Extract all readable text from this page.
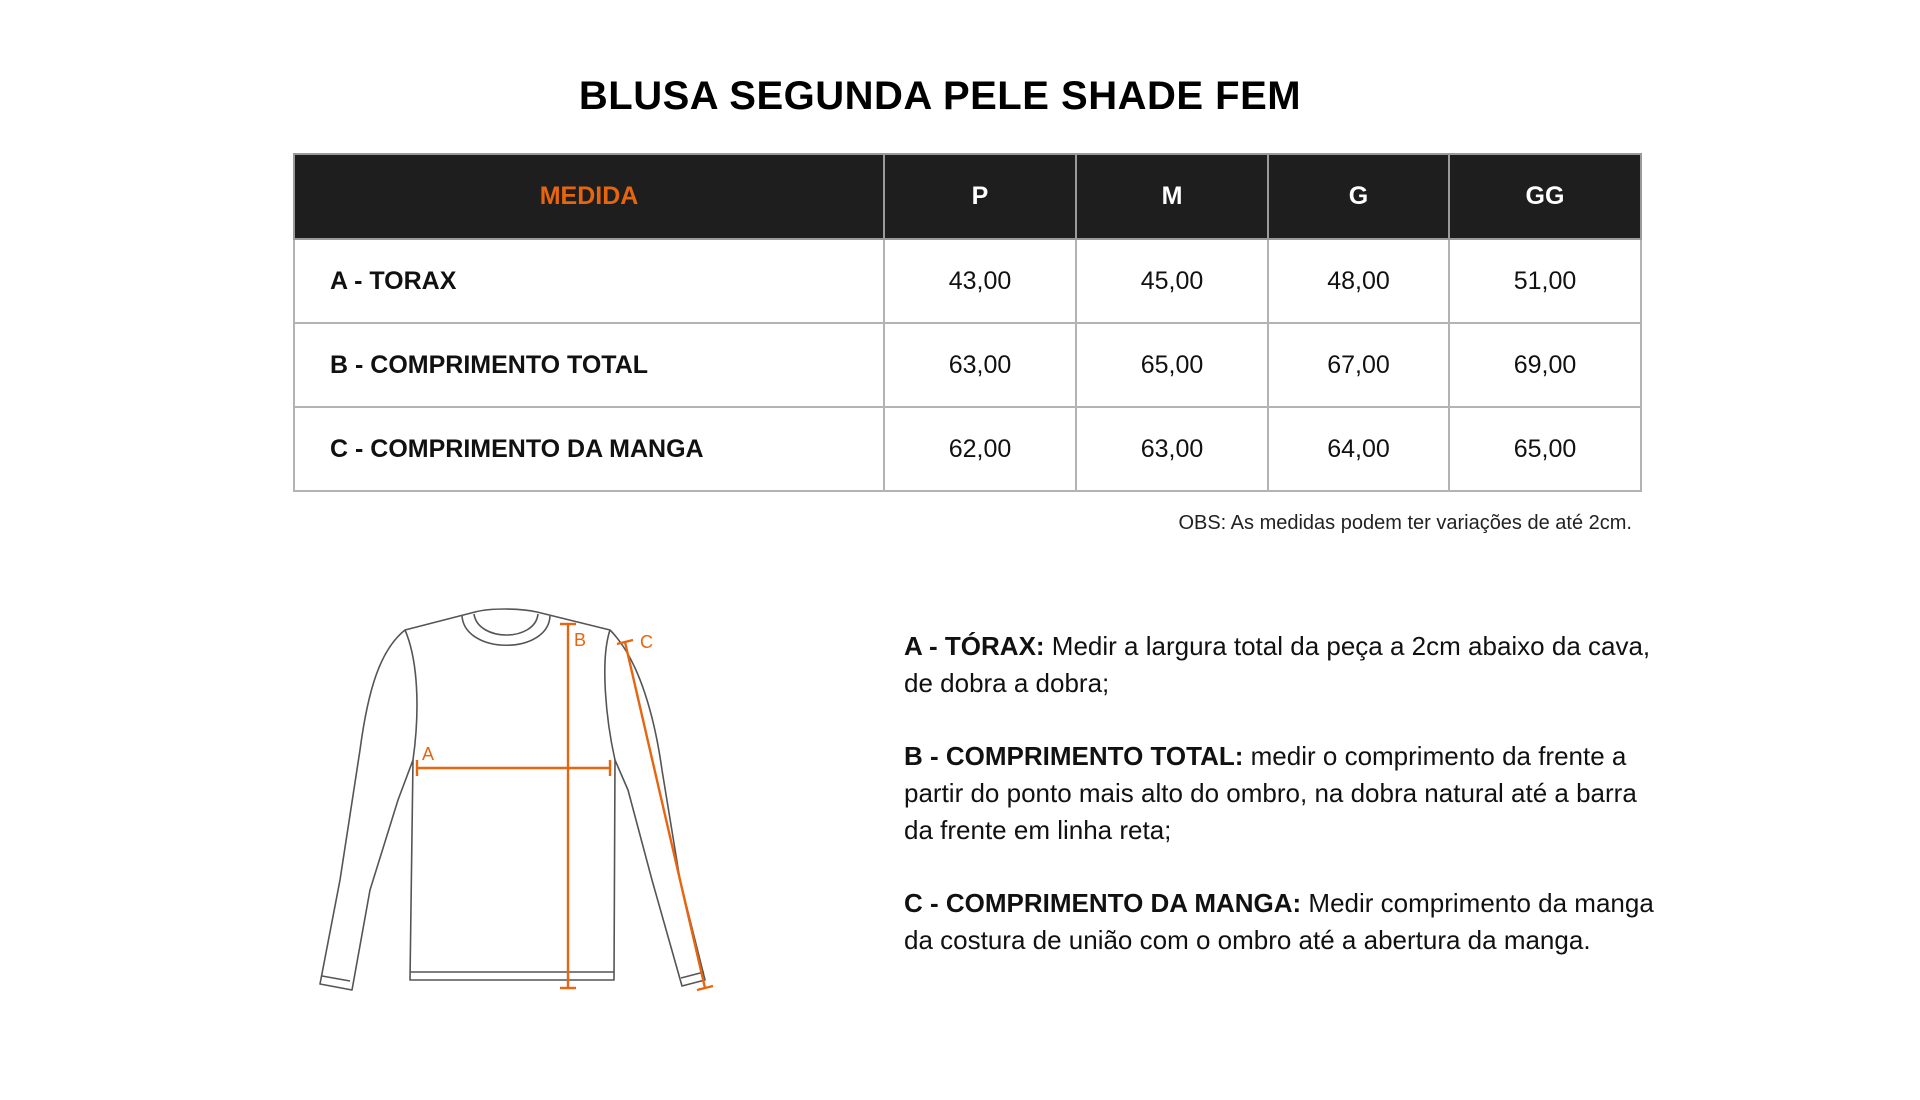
BLUSA SEGUNDA PELE SHADE FEM
MEDIDA	P	M	G	GG
A - TORAX	43,00	45,00	48,00	51,00
B - COMPRIMENTO TOTAL	63,00	65,00	67,00	69,00
C - COMPRIMENTO DA MANGA	62,00	63,00	64,00	65,00
OBS: As medidas podem ter variações de até 2cm.
A
B	C	A - TÓRAX: Medir a largura total da peça a 2cm abaixo da cava, de dobra a dobra;

B - COMPRIMENTO TOTAL: medir o comprimento da frente a partir do ponto mais alto do ombro, na dobra natural até a barra da frente em linha reta;

C - COMPRIMENTO DA MANGA: Medir comprimento da manga da costura de união com o ombro até a abertura da manga.
